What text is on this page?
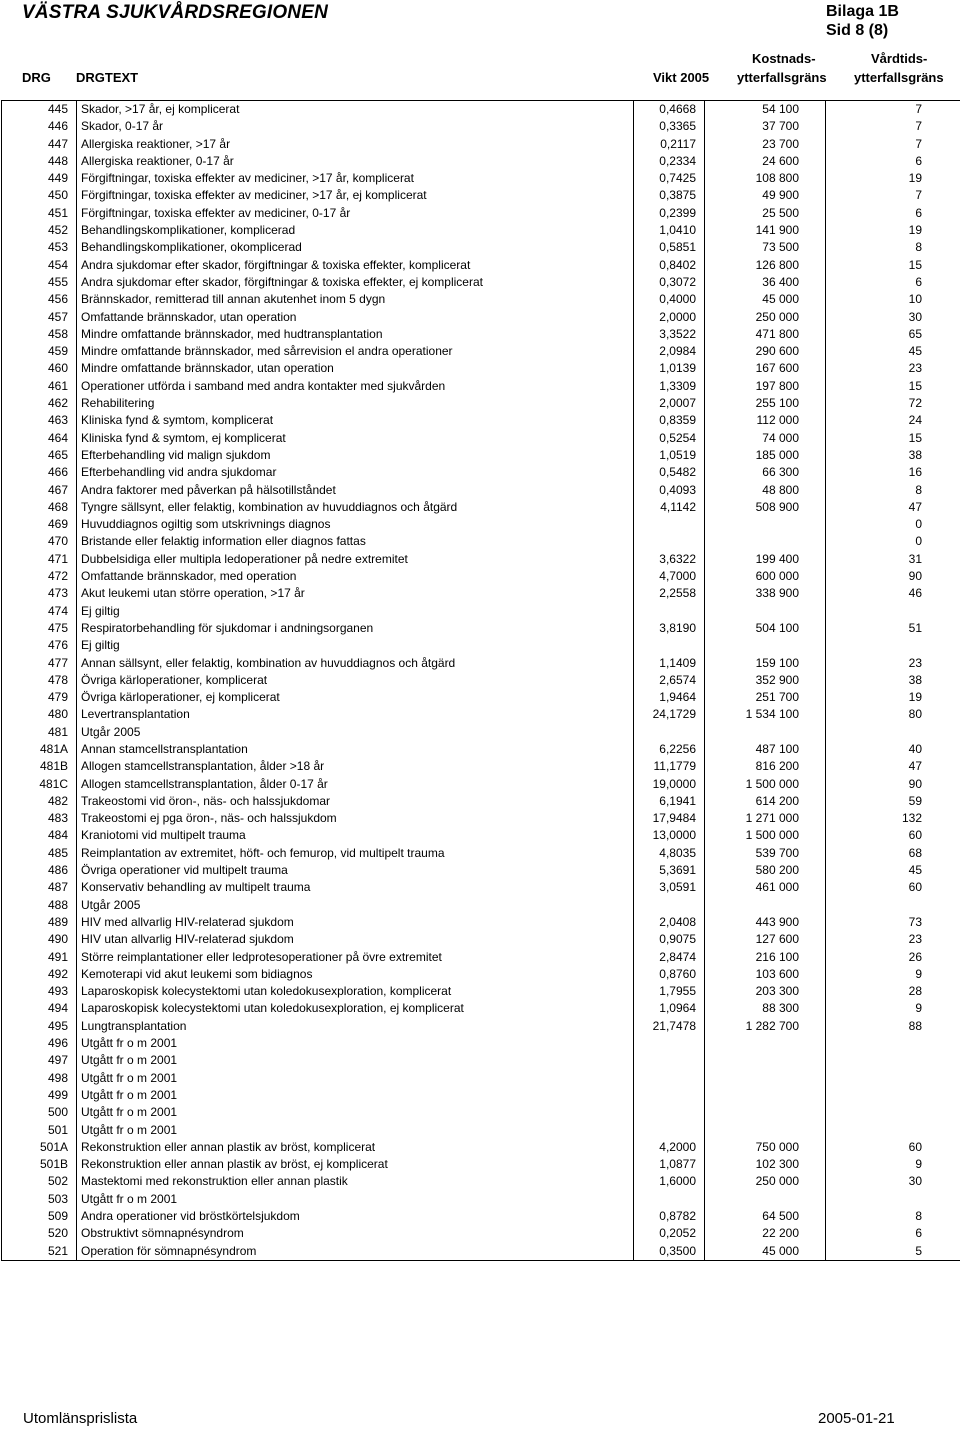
VÄSTRA SJUKVÅRDSREGIONEN	Bilaga 1B
Sid 8 (8)
DRG DRGTEXT	Vikt 2005
Kostnads-
ytterfallsgräns
Vårdtids-
ytterfallsgräns
445	Skador, >17 år, ej komplicerat	0,4668	54 100	7
446	Skador, 0-17 år	0,3365	37 700	7
447	Allergiska reaktioner, >17 år	0,2117	23 700	7
448	Allergiska reaktioner, 0-17 år	0,2334	24 600	6
449	Förgiftningar, toxiska effekter av mediciner, >17 år, komplicerat	0,7425	108 800	19
450	Förgiftningar, toxiska effekter av mediciner, >17 år, ej komplicerat	0,3875	49 900	7
451	Förgiftningar, toxiska effekter av mediciner, 0-17 år	0,2399	25 500	6
452	Behandlingskomplikationer, komplicerad	1,0410	141 900	19
453	Behandlingskomplikationer, okomplicerad	0,5851	73 500	8
454	Andra sjukdomar efter skador, förgiftningar & toxiska effekter, komplicerat	0,8402	126 800	15
455	Andra sjukdomar efter skador, förgiftningar & toxiska effekter, ej komplicerat	0,3072	36 400	6
456	Brännskador, remitterad till annan akutenhet inom 5 dygn	0,4000	45 000	10
457	Omfattande brännskador, utan operation	2,0000	250 000	30
458	Mindre omfattande brännskador, med hudtransplantation	3,3522	471 800	65
459	Mindre omfattande brännskador, med sårrevision el andra operationer	2,0984	290 600	45
460	Mindre omfattande brännskador, utan operation	1,0139	167 600	23
461	Operationer utförda i samband med andra kontakter med sjukvården	1,3309	197 800	15
462	Rehabilitering	2,0007	255 100	72
463	Kliniska fynd & symtom, komplicerat	0,8359	112 000	24
464	Kliniska fynd & symtom, ej komplicerat	0,5254	74 000	15
465	Efterbehandling vid malign sjukdom	1,0519	185 000	38
466	Efterbehandling vid andra sjukdomar	0,5482	66 300	16
467	Andra faktorer med påverkan på hälsotillståndet	0,4093	48 800	8
468	Tyngre sällsynt, eller felaktig, kombination av huvuddiagnos och åtgärd	4,1142	508 900	47
469	Huvuddiagnos ogiltig som utskrivnings diagnos			0
470	Bristande eller felaktig information eller diagnos fattas			0
471	Dubbelsidiga eller multipla ledoperationer på nedre extremitet	3,6322	199 400	31
472	Omfattande brännskador, med operation	4,7000	600 000	90
473	Akut leukemi utan större operation, >17 år	2,2558	338 900	46
474	Ej giltig			
475	Respiratorbehandling för sjukdomar i andningsorganen	3,8190	504 100	51
476	Ej giltig			
477	Annan sällsynt, eller felaktig, kombination av huvuddiagnos och åtgärd	1,1409	159 100	23
478	Övriga kärloperationer, komplicerat	2,6574	352 900	38
479	Övriga kärloperationer, ej komplicerat	1,9464	251 700	19
480	Levertransplantation	24,1729	1 534 100	80
481	Utgår 2005			
481A	Annan stamcellstransplantation	6,2256	487 100	40
481B	Allogen stamcellstransplantation, ålder >18 år	11,1779	816 200	47
481C	Allogen stamcellstransplantation, ålder 0-17 år	19,0000	1 500 000	90
482	Trakeostomi vid öron-, näs- och halssjukdomar	6,1941	614 200	59
483	Trakeostomi ej pga öron-, näs- och halssjukdom	17,9484	1 271 000	132
484	Kraniotomi vid multipelt trauma	13,0000	1 500 000	60
485	Reimplantation av extremitet, höft- och femurop, vid multipelt trauma	4,8035	539 700	68
486	Övriga operationer vid multipelt trauma	5,3691	580 200	45
487	Konservativ behandling av multipelt trauma	3,0591	461 000	60
488	Utgår 2005			
489	HIV med allvarlig HIV-relaterad sjukdom	2,0408	443 900	73
490	HIV utan allvarlig HIV-relaterad sjukdom	0,9075	127 600	23
491	Större reimplantationer eller ledprotesoperationer på övre extremitet	2,8474	216 100	26
492	Kemoterapi vid akut leukemi som bidiagnos	0,8760	103 600	9
493	Laparoskopisk kolecystektomi utan koledokusexploration, komplicerat	1,7955	203 300	28
494	Laparoskopisk kolecystektomi utan koledokusexploration, ej komplicerat	1,0964	88 300	9
495	Lungtransplantation	21,7478	1 282 700	88
496	Utgått fr o m 2001			
497	Utgått fr o m 2001			
498	Utgått fr o m 2001			
499	Utgått fr o m 2001			
500	Utgått fr o m 2001			
501	Utgått fr o m 2001			
501A	Rekonstruktion eller annan plastik av bröst, komplicerat	4,2000	750 000	60
501B	Rekonstruktion eller annan plastik av bröst, ej komplicerat	1,0877	102 300	9
502	Mastektomi med rekonstruktion eller annan plastik	1,6000	250 000	30
503	Utgått fr o m 2001			
509	Andra operationer vid bröstkörtelsjukdom	0,8782	64 500	8
520	Obstruktivt sömnapnésyndrom	0,2052	22 200	6
521	Operation för sömnapnésyndrom	0,3500	45 000	5
Utomlänsprislista	2005-01-21
